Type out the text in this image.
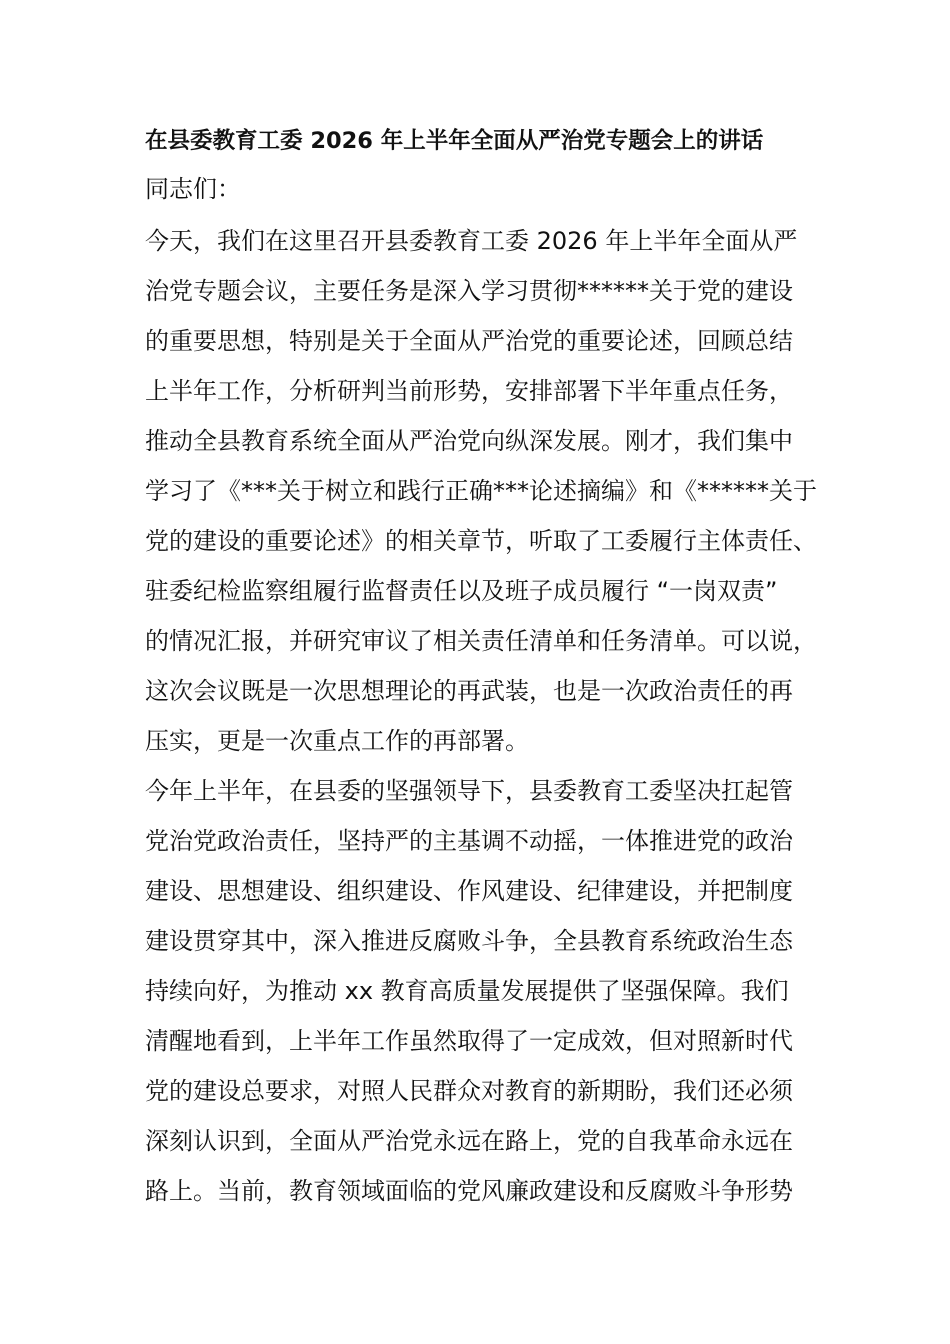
在县委教育工委 2026 年上半年全面从严治党专题会上的讲话

同志们：

今天，我们在这里召开县委教育工委 2026 年上半年全面从严

治党专题会议，主要任务是深入学习贯彻******关于党的建设

的重要思想，特别是关于全面从严治党的重要论述，回顾总结

上半年工作，分析研判当前形势，安排部署下半年重点任务，

推动全县教育系统全面从严治党向纵深发展。刚才，我们集中

学习了《***关于树立和践行正确***论述摘编》和《******关于

党的建设的重要论述》的相关章节，听取了工委履行主体责任、

驻委纪检监察组履行监督责任以及班子成员履行 “一岗双责”

的情况汇报，并研究审议了相关责任清单和任务清单。可以说，

这次会议既是一次思想理论的再武装，也是一次政治责任的再

压实，更是一次重点工作的再部署。

今年上半年，在县委的坚强领导下，县委教育工委坚决扛起管

党治党政治责任，坚持严的主基调不动摇，一体推进党的政治

建设、思想建设、组织建设、作风建设、纪律建设，并把制度

建设贯穿其中，深入推进反腐败斗争，全县教育系统政治生态

持续向好，为推动 xx 教育高质量发展提供了坚强保障。我们

清醒地看到，上半年工作虽然取得了一定成效，但对照新时代

党的建设总要求，对照人民群众对教育的新期盼，我们还必须

深刻认识到，全面从严治党永远在路上，党的自我革命永远在

路上。当前，教育领域面临的党风廉政建设和反腐败斗争形势
